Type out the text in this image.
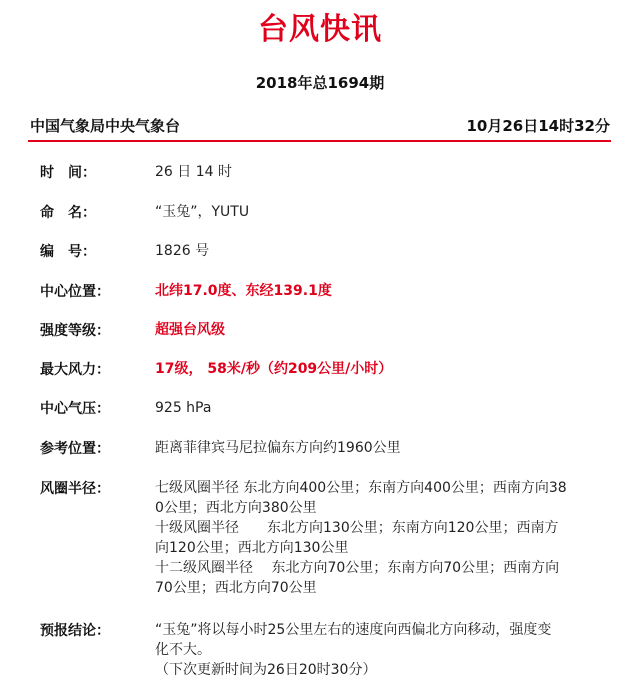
台风快讯
2018年总1694期
中国气象局中央气象台	10月26日14时32分
时　间：	26 日 14 时
命　名：	“玉兔”，YUTU
编　号：	1826 号
中心位置：	北纬17.0度、东经139.1度
强度等级：	超强台风级
最大风力：	17级， 58米/秒（约209公里/小时）
中心气压：	925 hPa
参考位置：	距离菲律宾马尼拉偏东方向约1960公里
风圈半径：	七级风圈半径 东北方向400公里；东南方向400公里；西南方向38
0公里；西北方向380公里
十级风圈半径　　东北方向130公里；东南方向120公里；西南方
向120公里；西北方向130公里
十二级风圈半径　 东北方向70公里；东南方向70公里；西南方向
70公里；西北方向70公里
预报结论：	“玉兔”将以每小时25公里左右的速度向西偏北方向移动，强度变
化不大。
（下次更新时间为26日20时30分）
